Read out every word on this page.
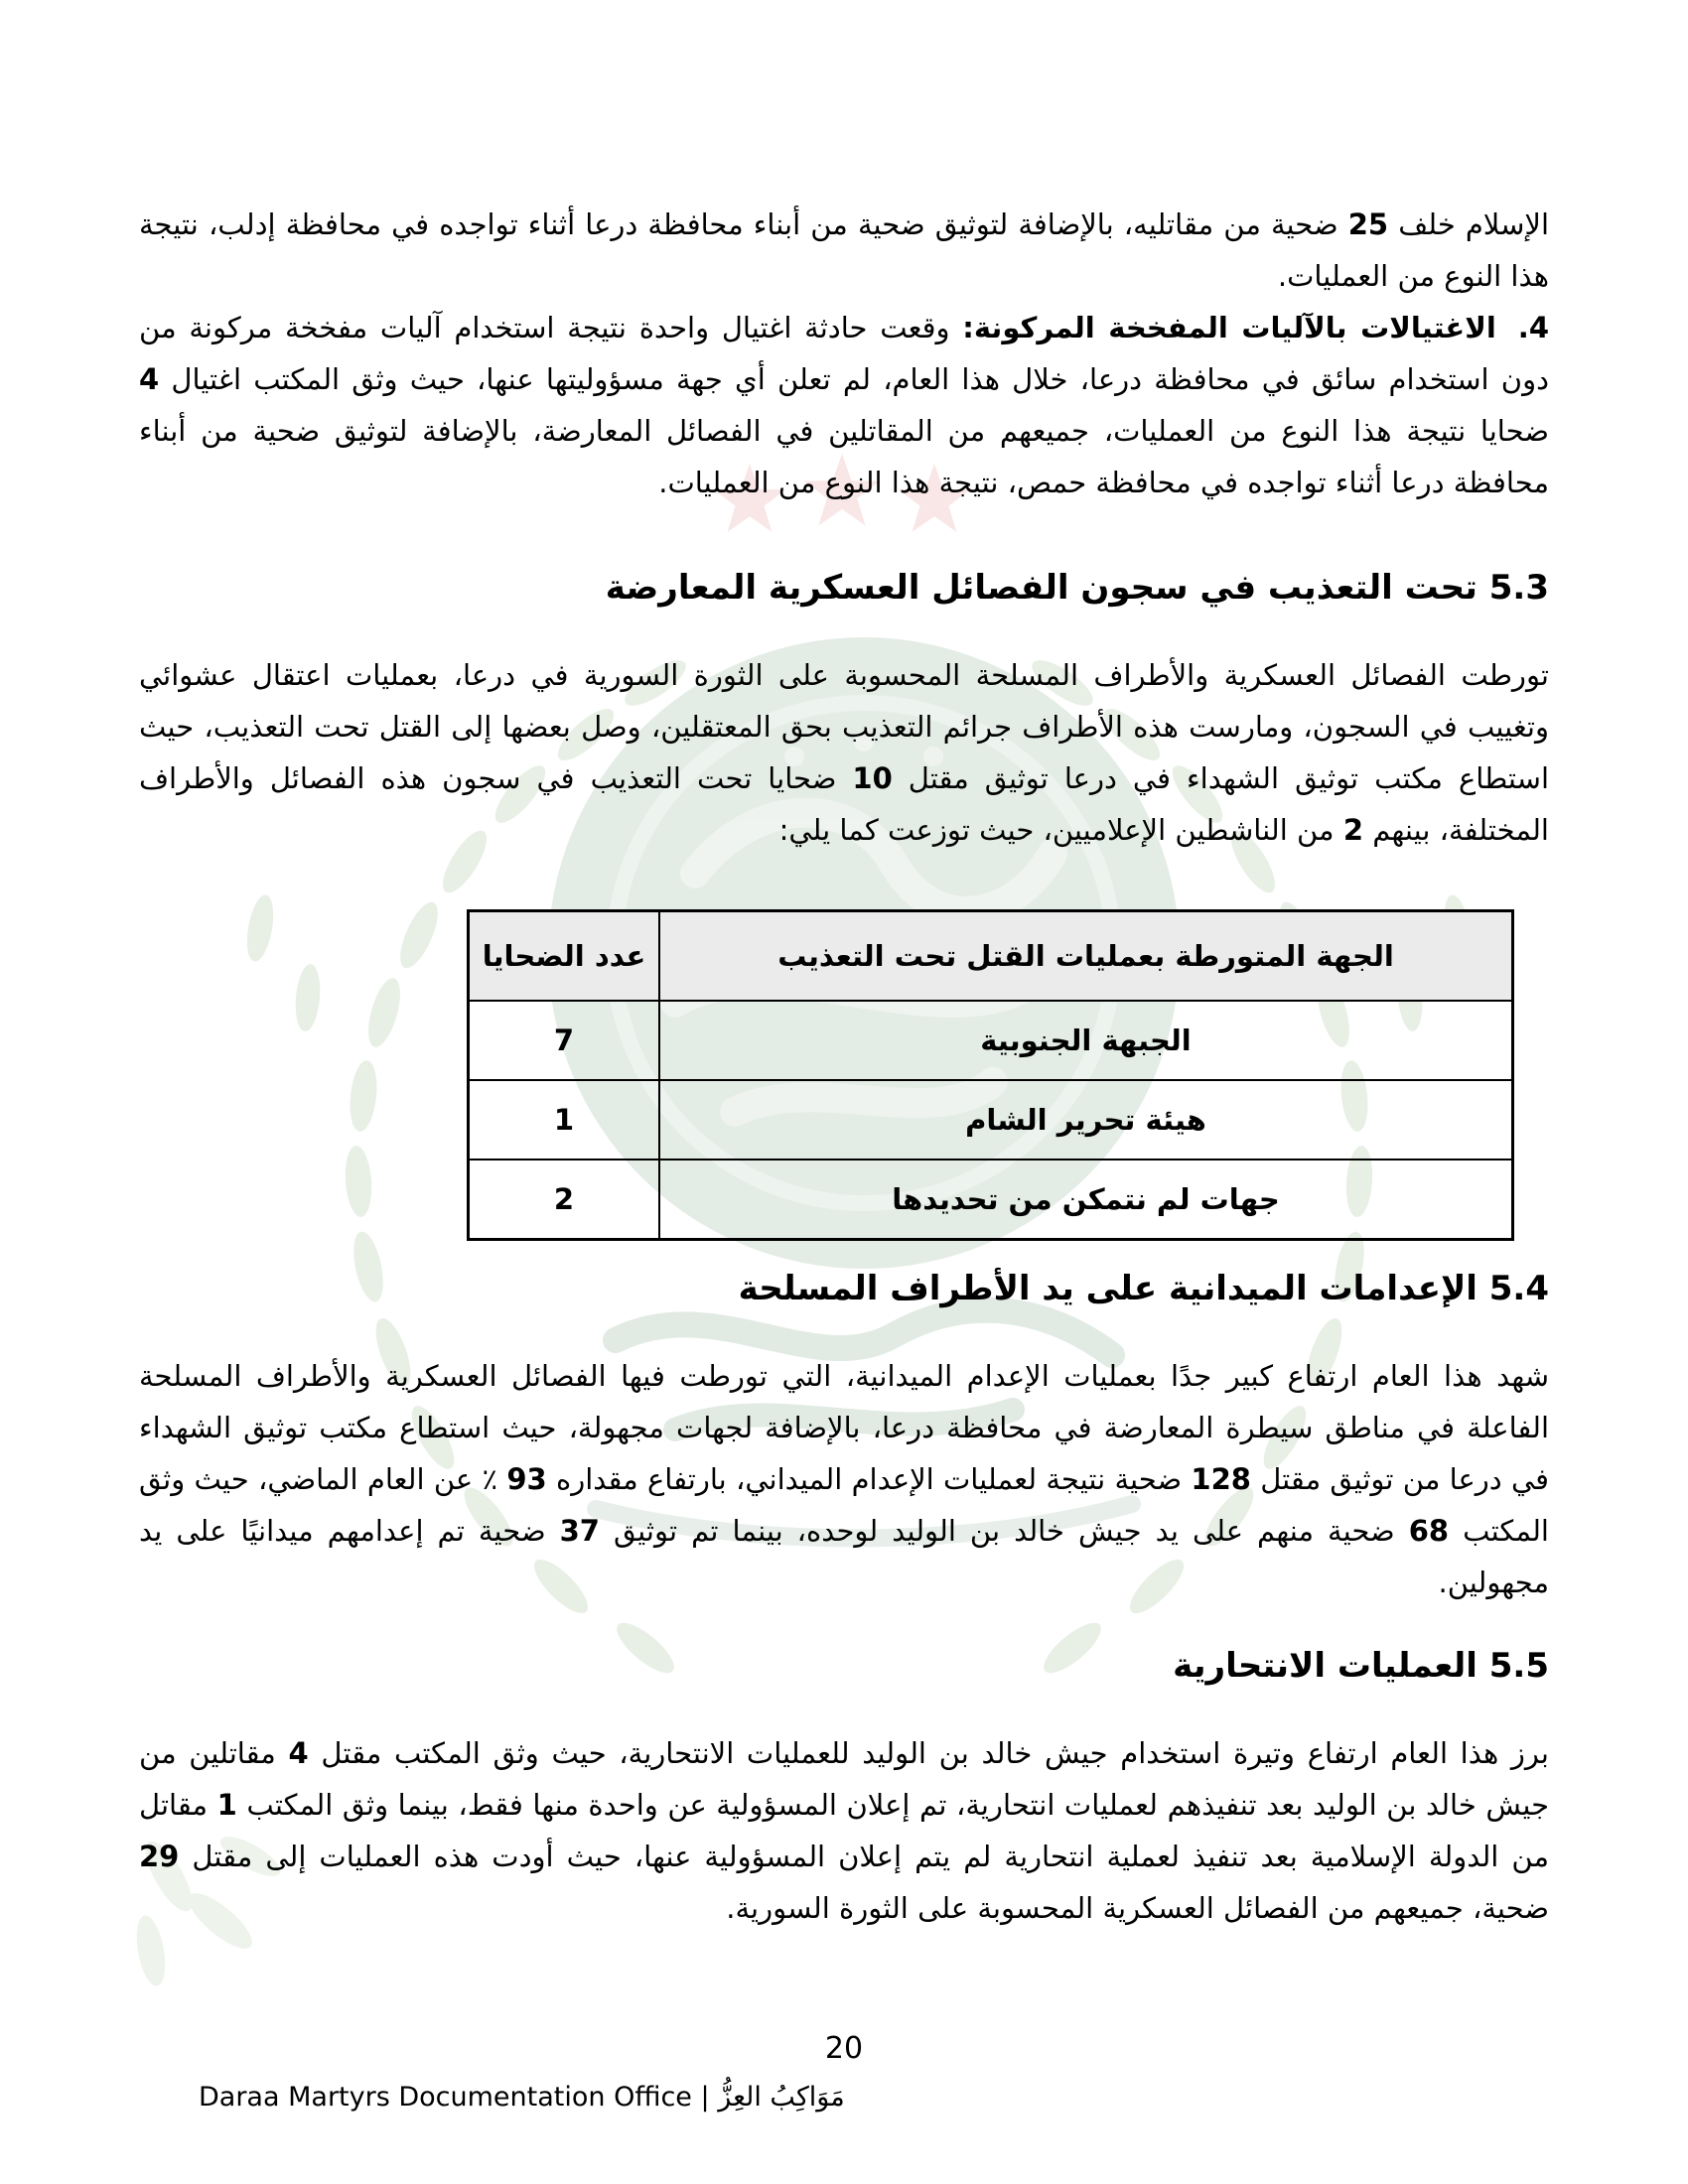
الإسلام خلف 25 ضحية من مقاتليه، بالإضافة لتوثيق ضحية من أبناء محافظة درعا أثناء تواجده في محافظة إدلب، نتيجة هذا النوع من العمليات.

4.الاغتيالات بالآليات المفخخة المركونة: وقعت حادثة اغتيال واحدة نتيجة استخدام آليات مفخخة مركونة من دون استخدام سائق في محافظة درعا، خلال هذا العام، لم تعلن أي جهة مسؤوليتها عنها، حيث وثق المكتب اغتيال 4 ضحايا نتيجة هذا النوع من العمليات، جميعهم من المقاتلين في الفصائل المعارضة، بالإضافة لتوثيق ضحية من أبناء محافظة درعا أثناء تواجده في محافظة حمص، نتيجة هذا النوع من العمليات.

5.3 تحت التعذيب في سجون الفصائل العسكرية المعارضة

تورطت الفصائل العسكرية والأطراف المسلحة المحسوبة على الثورة السورية في درعا، بعمليات اعتقال عشوائي وتغييب في السجون، ومارست هذه الأطراف جرائم التعذيب بحق المعتقلين، وصل بعضها إلى القتل تحت التعذيب، حيث استطاع مكتب توثيق الشهداء في درعا توثيق مقتل 10 ضحايا تحت التعذيب في سجون هذه الفصائل والأطراف المختلفة، بينهم 2 من الناشطين الإعلاميين، حيث توزعت كما يلي:

الجهة المتورطة بعمليات القتل تحت التعذيب	عدد الضحايا
الجبهة الجنوبية	7
هيئة تحرير الشام	1
جهات لم نتمكن من تحديدها	2
5.4 الإعدامات الميدانية على يد الأطراف المسلحة

شهد هذا العام ارتفاع كبير جدًا بعمليات الإعدام الميدانية، التي تورطت فيها الفصائل العسكرية والأطراف المسلحة الفاعلة في مناطق سيطرة المعارضة في محافظة درعا، بالإضافة لجهات مجهولة، حيث استطاع مكتب توثيق الشهداء في درعا من توثيق مقتل 128 ضحية نتيجة لعمليات الإعدام الميداني، بارتفاع مقداره 93 ٪ عن العام الماضي، حيث وثق المكتب 68 ضحية منهم على يد جيش خالد بن الوليد لوحده، بينما تم توثيق 37 ضحية تم إعدامهم ميدانيًا على يد مجهولين.

5.5 العمليات الانتحارية

برز هذا العام ارتفاع وتيرة استخدام جيش خالد بن الوليد للعمليات الانتحارية، حيث وثق المكتب مقتل 4 مقاتلين من جيش خالد بن الوليد بعد تنفيذهم لعمليات انتحارية، تم إعلان المسؤولية عن واحدة منها فقط، بينما وثق المكتب 1 مقاتل من الدولة الإسلامية بعد تنفيذ لعملية انتحارية لم يتم إعلان المسؤولية عنها، حيث أودت هذه العمليات إلى مقتل 29 ضحية، جميعهم من الفصائل العسكرية المحسوبة على الثورة السورية.

20
Daraa Martyrs Documentation Office | مَوَاكِبُ العِزُّ
